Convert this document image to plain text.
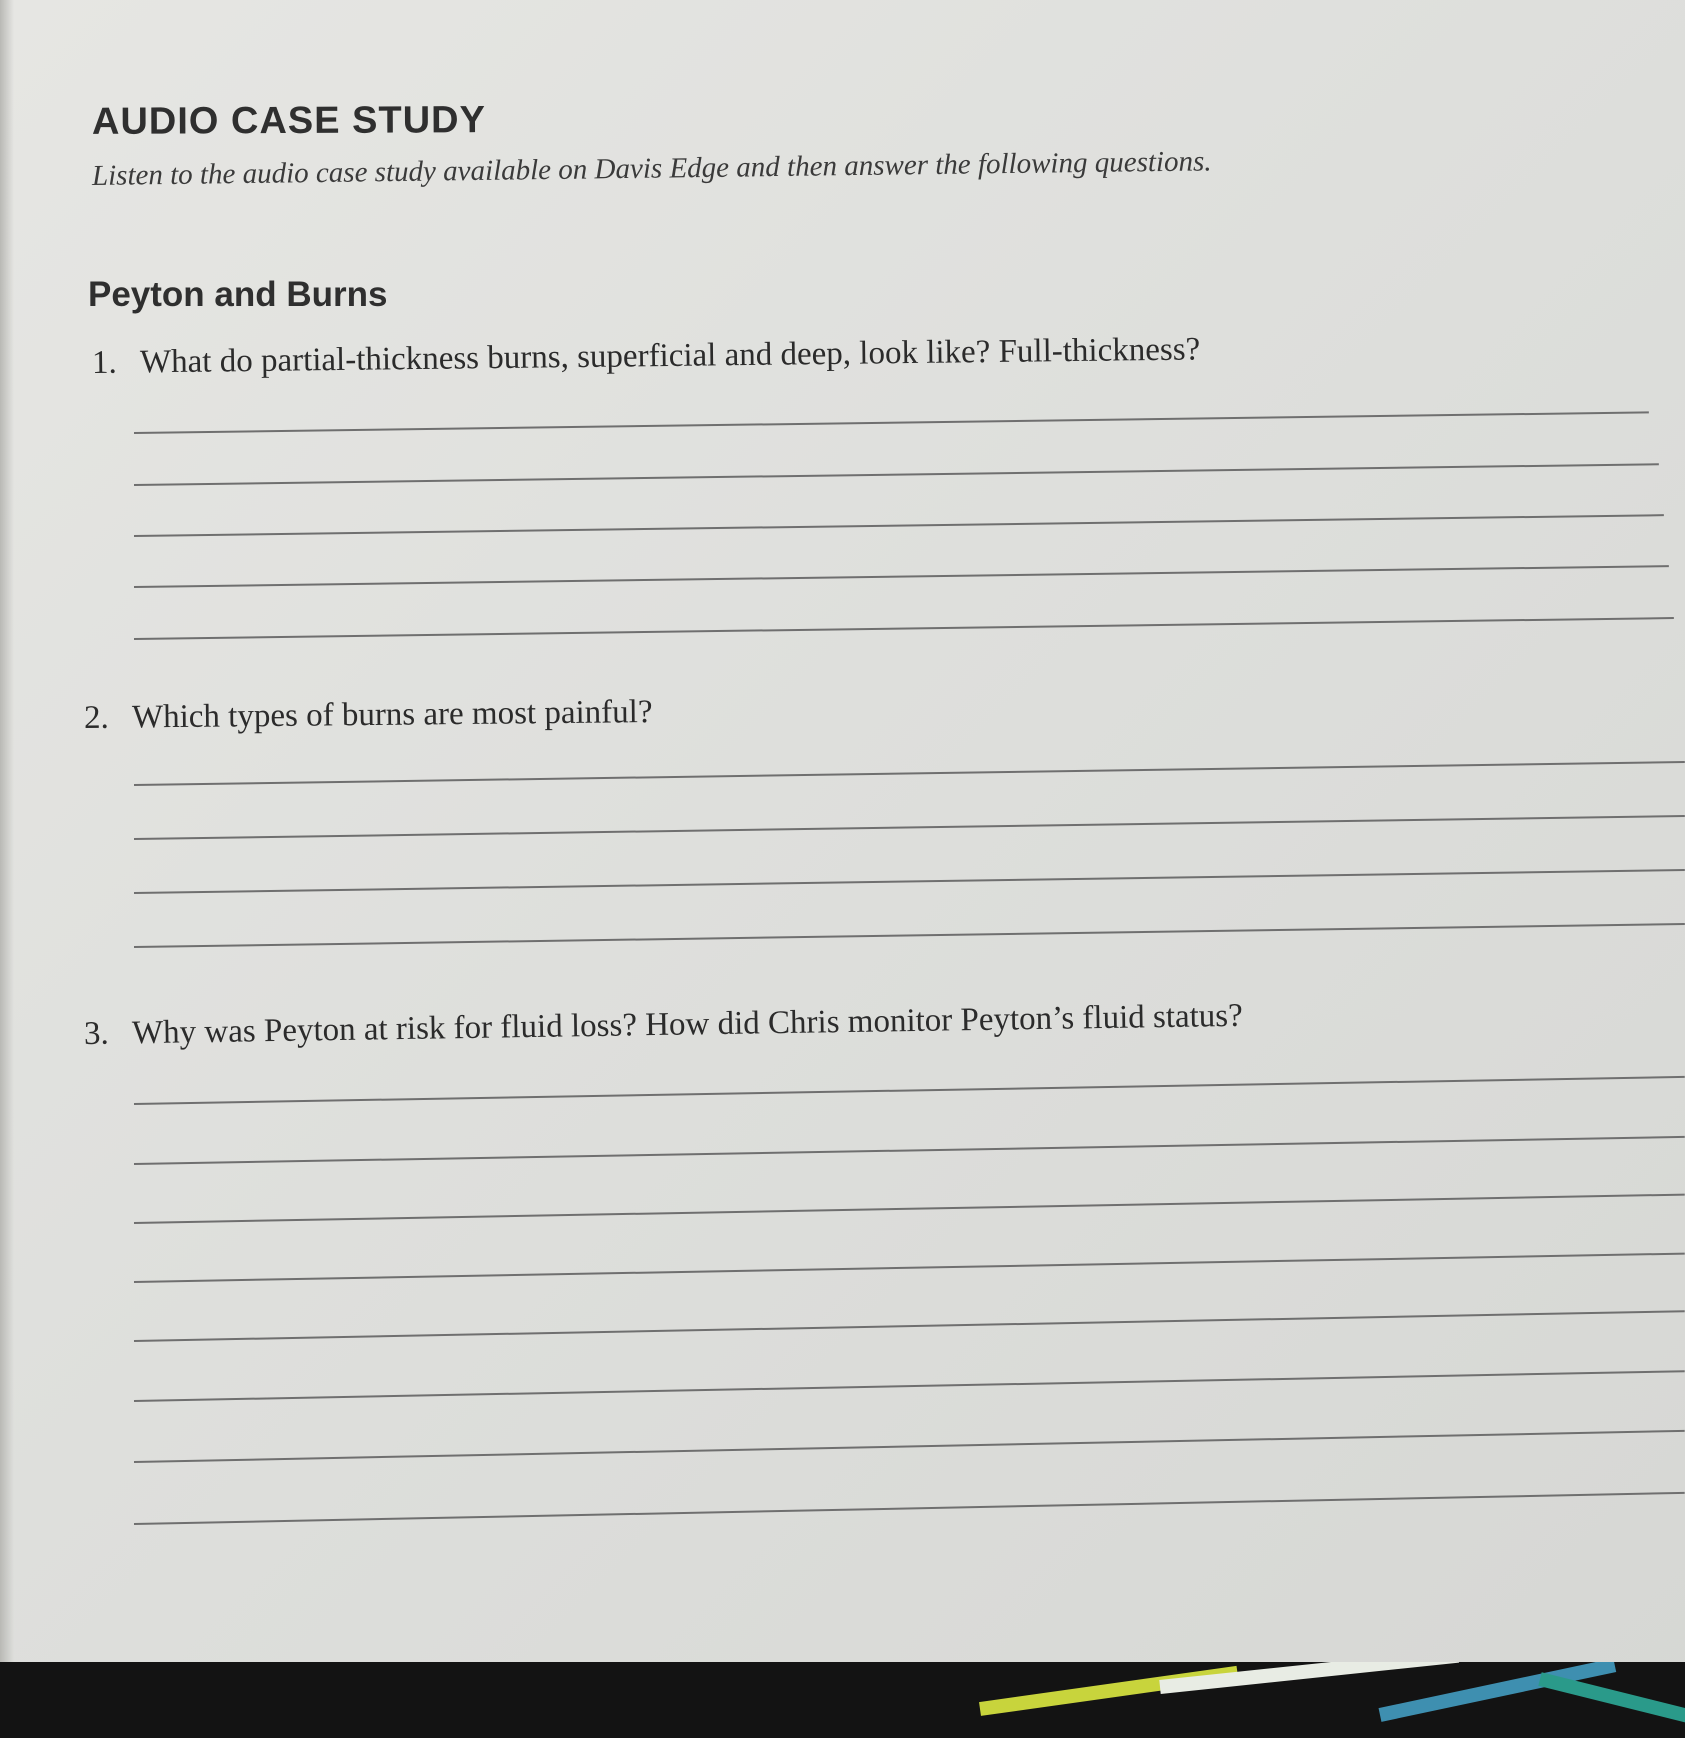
AUDIO CASE STUDY

Listen to the audio case study available on Davis Edge and then answer the following questions.

Peyton and Burns

1. What do partial-thickness burns, superficial and deep, look like? Full-thickness?

2. Which types of burns are most painful?

3. Why was Peyton at risk for fluid loss? How did Chris monitor Peyton’s fluid status?
